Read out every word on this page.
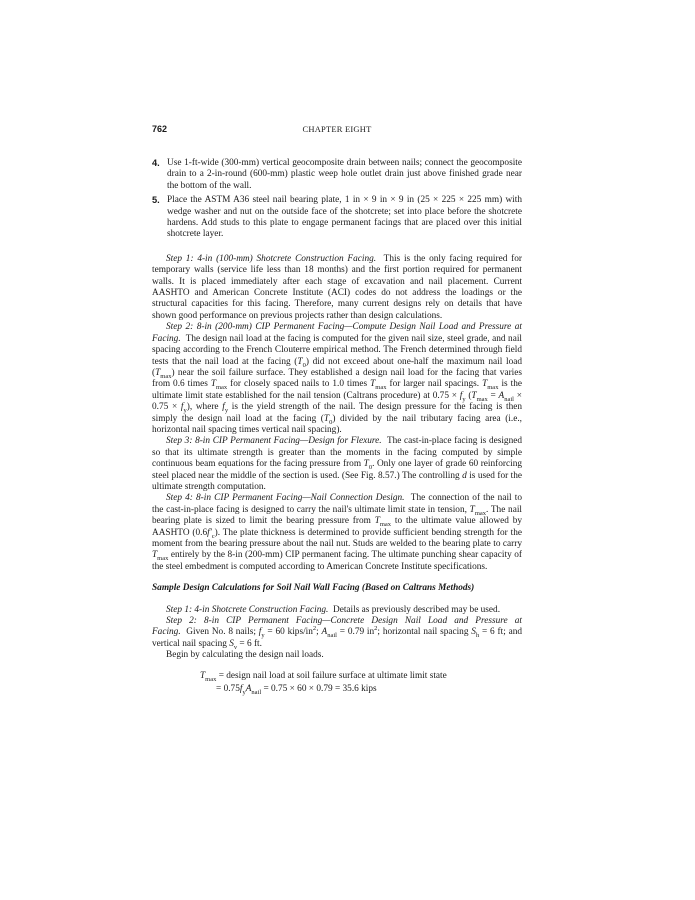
762	CHAPTER EIGHT
4. Use 1-ft-wide (300-mm) vertical geocomposite drain between nails; connect the geocomposite drain to a 2-in-round (600-mm) plastic weep hole outlet drain just above finished grade near the bottom of the wall.
5. Place the ASTM A36 steel nail bearing plate, 1 in × 9 in × 9 in (25 × 225 × 225 mm) with wedge washer and nut on the outside face of the shotcrete; set into place before the shotcrete hardens. Add studs to this plate to engage permanent facings that are placed over this initial shotcrete layer.

Step 1: 4-in (100-mm) Shotcrete Construction Facing. This is the only facing required for temporary walls (service life less than 18 months) and the first portion required for permanent walls. It is placed immediately after each stage of excavation and nail placement. Current AASHTO and American Concrete Institute (ACI) codes do not address the loadings or the structural capacities for this facing. Therefore, many current designs rely on details that have shown good performance on previous projects rather than design calculations.

Step 2: 8-in (200-mm) CIP Permanent Facing—Compute Design Nail Load and Pressure at Facing. The design nail load at the facing is computed for the given nail size, steel grade, and nail spacing according to the French Clouterre empirical method. The French determined through field tests that the nail load at the facing $(T_0)$ did not exceed about one-half the maximum nail load $(T_{max})$ near the soil failure surface. They established a design nail load for the facing that varies from 0.6 times $T_{max}$ for closely spaced nails to 1.0 times $T_{max}$ for larger nail spacings. $T_{max}$ is the ultimate limit state established for the nail tension (Caltrans procedure) at $0.75 \times f_y$ $(T_{max} = A_{nail} \times 0.75 \times f_y)$, where $f_y$ is the yield strength of the nail. The design pressure for the facing is then simply the design nail load at the facing $(T_0)$ divided by the nail tributary facing area (i.e., horizontal nail spacing times vertical nail spacing).

Step 3: 8-in CIP Permanent Facing—Design for Flexure. The cast-in-place facing is designed so that its ultimate strength is greater than the moments in the facing computed by simple continuous beam equations for the facing pressure from $T_0$. Only one layer of grade 60 reinforcing steel placed near the middle of the section is used. (See Fig. 8.57.) The controlling d is used for the ultimate strength computation.

Step 4: 8-in CIP Permanent Facing—Nail Connection Design. The connection of the nail to the cast-in-place facing is designed to carry the nail's ultimate limit state in tension, $T_{max}$. The nail bearing plate is sized to limit the bearing pressure from $T_{max}$ to the ultimate value allowed by AASHTO $(0.6f'_c)$. The plate thickness is determined to provide sufficient bending strength for the moment from the bearing pressure about the nail nut. Studs are welded to the bearing plate to carry $T_{max}$ entirely by the 8-in (200-mm) CIP permanent facing. The ultimate punching shear capacity of the steel embedment is computed according to American Concrete Institute specifications.

Sample Design Calculations for Soil Nail Wall Facing (Based on Caltrans Methods)

Step 1: 4-in Shotcrete Construction Facing. Details as previously described may be used.

Step 2: 8-in CIP Permanent Facing—Concrete Design Nail Load and Pressure at Facing. Given No. 8 nails; $f_y = 60$ kips/$in^2$; $A_{nail} = 0.79$ $in^2$; horizontal nail spacing $S_h = 6$ ft; and vertical nail spacing $S_v = 6$ ft.

Begin by calculating the design nail loads.

$T_{max}$ = design nail load at soil failure surface at ultimate limit state
= $0.75f_yA_{nail} = 0.75 \times 60 \times 0.79 = 35.6$ kips
